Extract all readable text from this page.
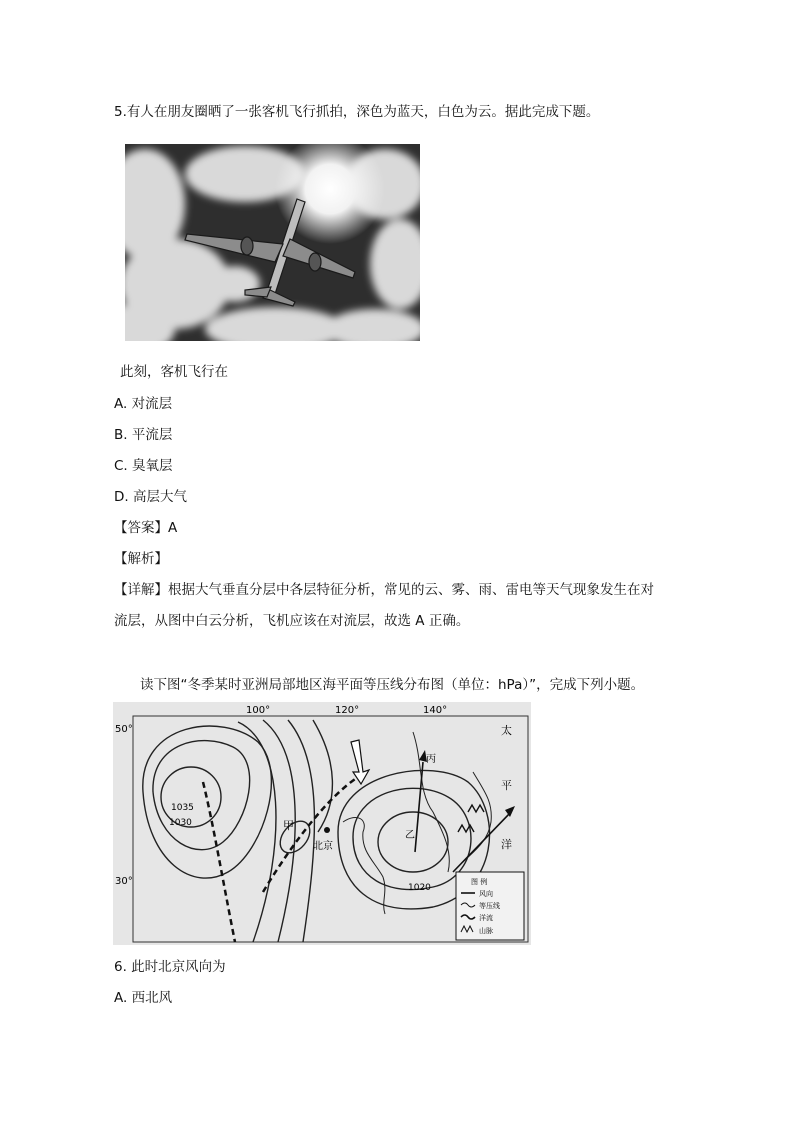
5.有人在朋友圈晒了一张客机飞行抓拍，深色为蓝天，白色为云。据此完成下题。
此刻，客机飞行在
A. 对流层
B. 平流层
C. 臭氧层
D. 高层大气
【答案】A
【解析】
【详解】根据大气垂直分层中各层特征分析，常见的云、雾、雨、雷电等天气现象发生在对
流层，从图中白云分析，飞机应该在对流层，故选 A 正确。
读下图“冬季某时亚洲局部地区海平面等压线分布图（单位：hPa）”，完成下列小题。
100°	120°	140°
50°
30°
1035
1030
1020
甲
北京
乙
丙
太
平
洋
图 例
风向
等压线
洋流
山脉
6. 此时北京风向为
A. 西北风
